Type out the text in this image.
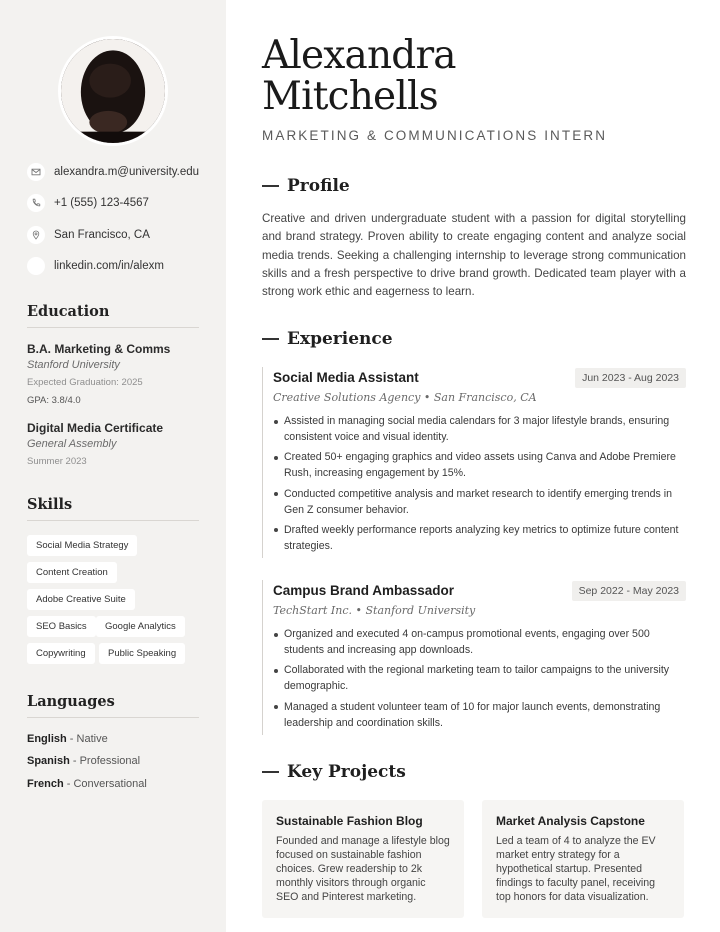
alexandra.m@university.edu
+1 (555) 123-4567
San Francisco, CA
linkedin.com/in/alexm
Education
B.A. Marketing & Comms
Stanford University
Expected Graduation: 2025
GPA: 3.8/4.0
Digital Media Certificate
General Assembly
Summer 2023
Skills
Social Media Strategy
Content Creation
Adobe Creative Suite
SEO Basics	Google Analytics
Copywriting	Public Speaking
Languages
English - Native
Spanish - Professional
French - Conversational
Alexandra
Mitchells
MARKETING & COMMUNICATIONS INTERN
Profile
Creative and driven undergraduate student with a passion for digital storytelling and brand strategy. Proven ability to create engaging content and analyze social media trends. Seeking a challenging internship to leverage strong communication skills and a fresh perspective to drive brand growth. Dedicated team player with a strong work ethic and eagerness to learn.
Experience
Social Media Assistant	Jun 2023 - Aug 2023
Creative Solutions Agency • San Francisco, CA
Assisted in managing social media calendars for 3 major lifestyle brands, ensuring consistent voice and visual identity.
Created 50+ engaging graphics and video assets using Canva and Adobe Premiere Rush, increasing engagement by 15%.
Conducted competitive analysis and market research to identify emerging trends in Gen Z consumer behavior.
Drafted weekly performance reports analyzing key metrics to optimize future content strategies.
Campus Brand Ambassador	Sep 2022 - May 2023
TechStart Inc. • Stanford University
Organized and executed 4 on-campus promotional events, engaging over 500 students and increasing app downloads.
Collaborated with the regional marketing team to tailor campaigns to the university demographic.
Managed a student volunteer team of 10 for major launch events, demonstrating leadership and coordination skills.
Key Projects
Sustainable Fashion Blog
Founded and manage a lifestyle blog focused on sustainable fashion choices. Grew readership to 2k monthly visitors through organic SEO and Pinterest marketing.
Market Analysis Capstone
Led a team of 4 to analyze the EV market entry strategy for a hypothetical startup. Presented findings to faculty panel, receiving top honors for data visualization.
